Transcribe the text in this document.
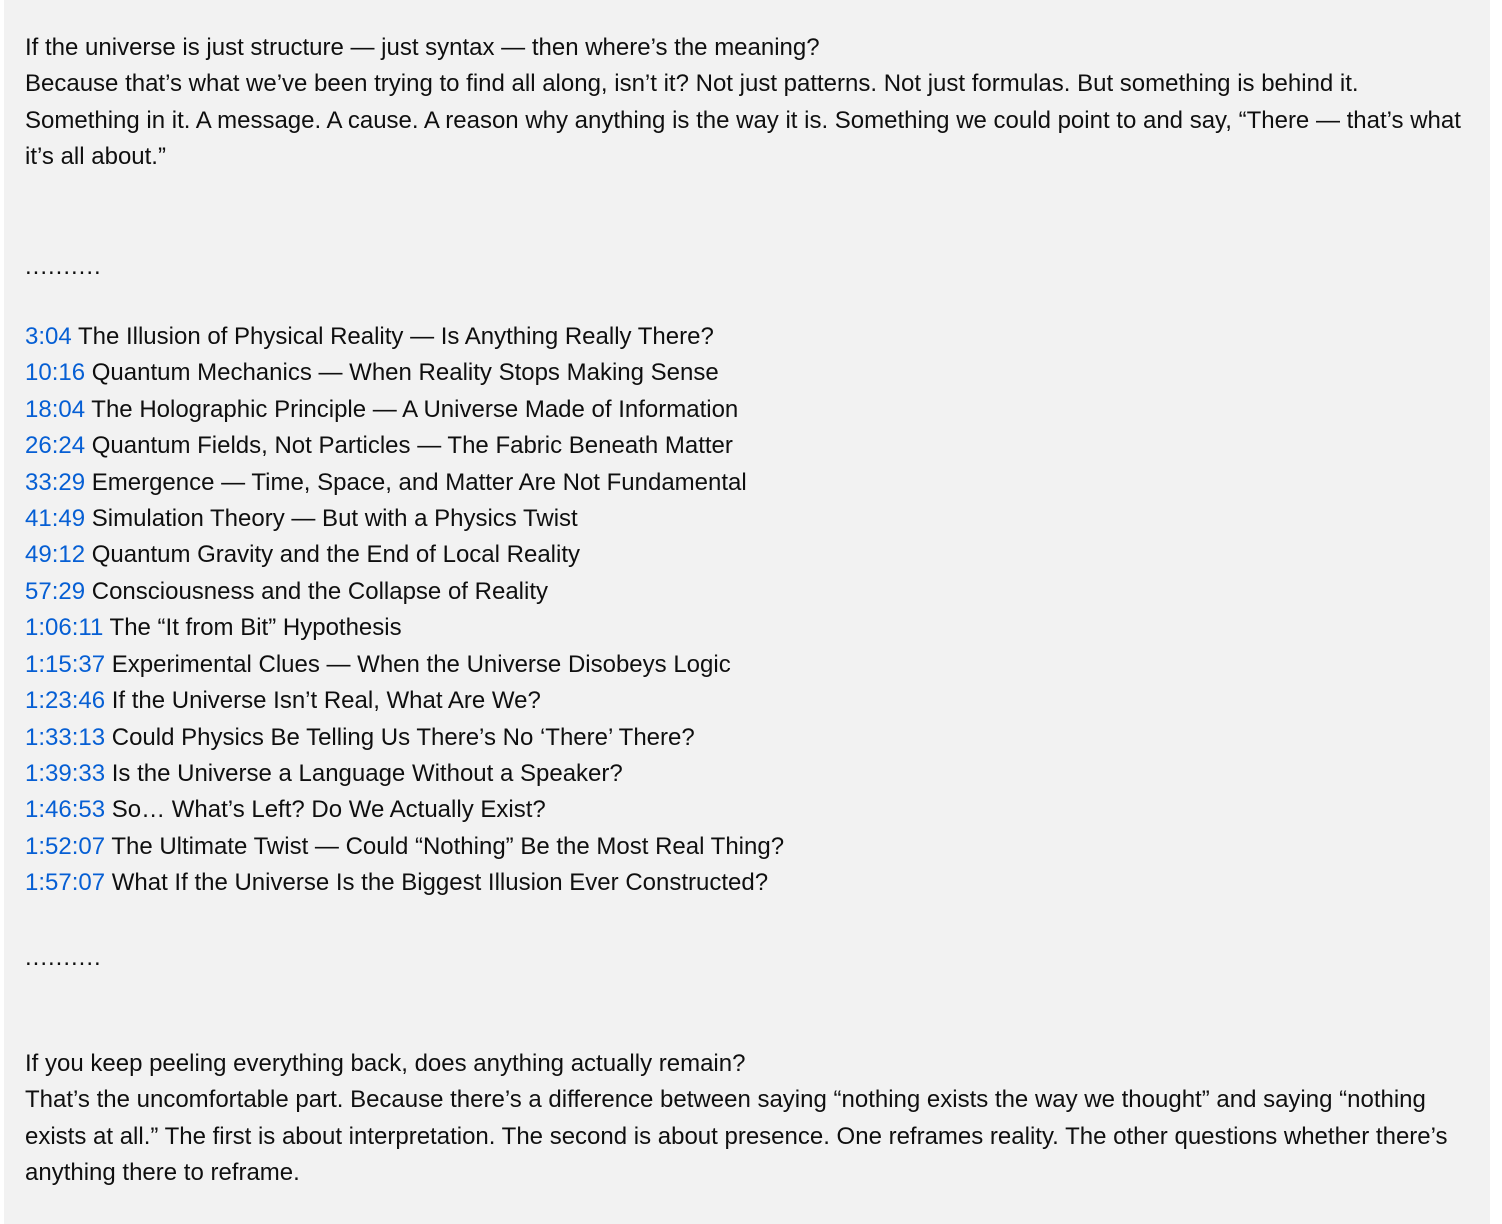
If the universe is just structure — just syntax — then where’s the meaning?
Because that’s what we’ve been trying to find all along, isn’t it? Not just patterns. Not just formulas. But something is behind it. Something in it. A message. A cause. A reason why anything is the way it is. Something we could point to and say, “There — that’s what it’s all about.”

..........

3:04 The Illusion of Physical Reality — Is Anything Really There?
10:16 Quantum Mechanics — When Reality Stops Making Sense
18:04 The Holographic Principle — A Universe Made of Information
26:24 Quantum Fields, Not Particles — The Fabric Beneath Matter
33:29 Emergence — Time, Space, and Matter Are Not Fundamental
41:49 Simulation Theory — But with a Physics Twist
49:12 Quantum Gravity and the End of Local Reality
57:29 Consciousness and the Collapse of Reality
1:06:11 The “It from Bit” Hypothesis
1:15:37 Experimental Clues — When the Universe Disobeys Logic
1:23:46 If the Universe Isn’t Real, What Are We?
1:33:13 Could Physics Be Telling Us There’s No ‘There’ There?
1:39:33 Is the Universe a Language Without a Speaker?
1:46:53 So… What’s Left? Do We Actually Exist?
1:52:07 The Ultimate Twist — Could “Nothing” Be the Most Real Thing?
1:57:07 What If the Universe Is the Biggest Illusion Ever Constructed?

..........

If you keep peeling everything back, does anything actually remain?
That’s the uncomfortable part. Because there’s a difference between saying “nothing exists the way we thought” and saying “nothing exists at all.” The first is about interpretation. The second is about presence. One reframes reality. The other questions whether there’s anything there to reframe.
